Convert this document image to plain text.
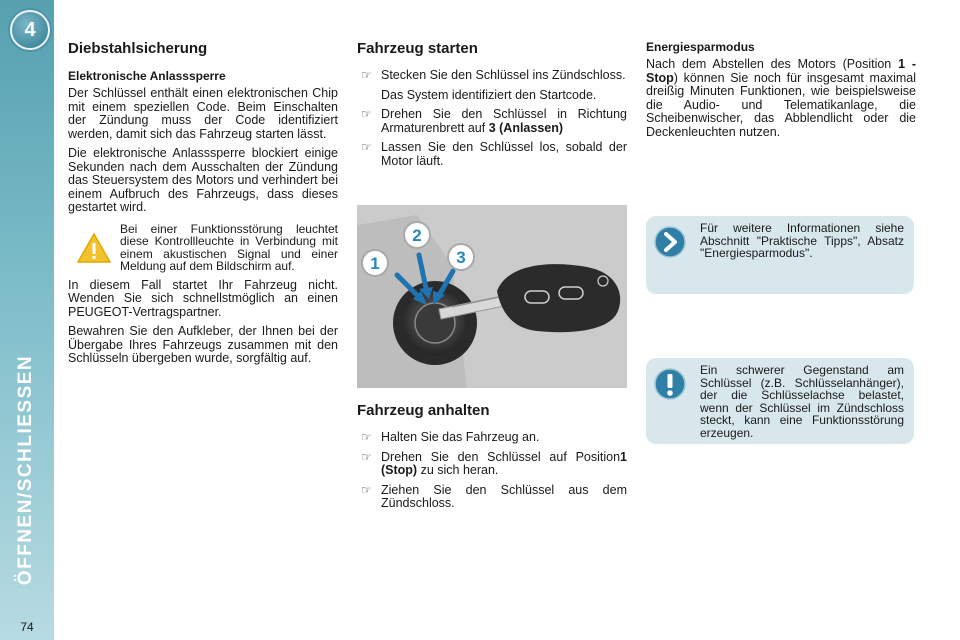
4
ÖFFNEN/SCHLIESSEN
74
Diebstahlsicherung
Elektronische Anlasssperre

Der Schlüssel enthält einen elektronischen Chip mit einem speziellen Code. Beim Einschalten der Zündung muss der Code identifiziert werden, damit sich das Fahrzeug starten lässt.

Die elektronische Anlasssperre blockiert einige Sekunden nach dem Ausschalten der Zündung das Steuersystem des Motors und verhindert bei einem Aufbruch des Fahrzeugs, dass dieses gestartet wird.

Bei einer Funktionsstörung leuchtet diese Kontrollleuchte in Verbindung mit einem akustischen Signal und einer Meldung auf dem Bildschirm auf.

In diesem Fall startet Ihr Fahrzeug nicht. Wenden Sie sich schnellstmöglich an einen PEUGEOT-Vertragspartner.

Bewahren Sie den Aufkleber, der Ihnen bei der Übergabe Ihres Fahrzeugs zusammen mit den Schlüsseln übergeben wurde, sorgfältig auf.

Fahrzeug starten
☞ Stecken Sie den Schlüssel ins Zündschloss.
Das System identifiziert den Startcode.
☞ Drehen Sie den Schlüssel in Richtung Armaturenbrett auf 3 (Anlassen)
☞ Lassen Sie den Schlüssel los, sobald der Motor läuft.
Fahrzeug anhalten
☞ Halten Sie das Fahrzeug an.
☞ Drehen Sie den Schlüssel auf Position1 (Stop) zu sich heran.
☞ Ziehen Sie den Schlüssel aus dem Zündschloss.
1
2
3
Energiesparmodus

Nach dem Abstellen des Motors (Position 1 - Stop) können Sie noch für insgesamt maximal dreißig Minuten Funktionen, wie beispielsweise die Audio- und Telematikanlage, die Scheibenwischer, das Abblendlicht oder die Deckenleuchten nutzen.

Für weitere Informationen siehe Abschnitt "Praktische Tipps", Absatz "Energiesparmodus".
Ein schwerer Gegenstand am Schlüssel (z.B. Schlüsselanhänger), der die Schlüsselachse belastet, wenn der Schlüssel im Zündschloss steckt, kann eine Funktionsstörung erzeugen.
